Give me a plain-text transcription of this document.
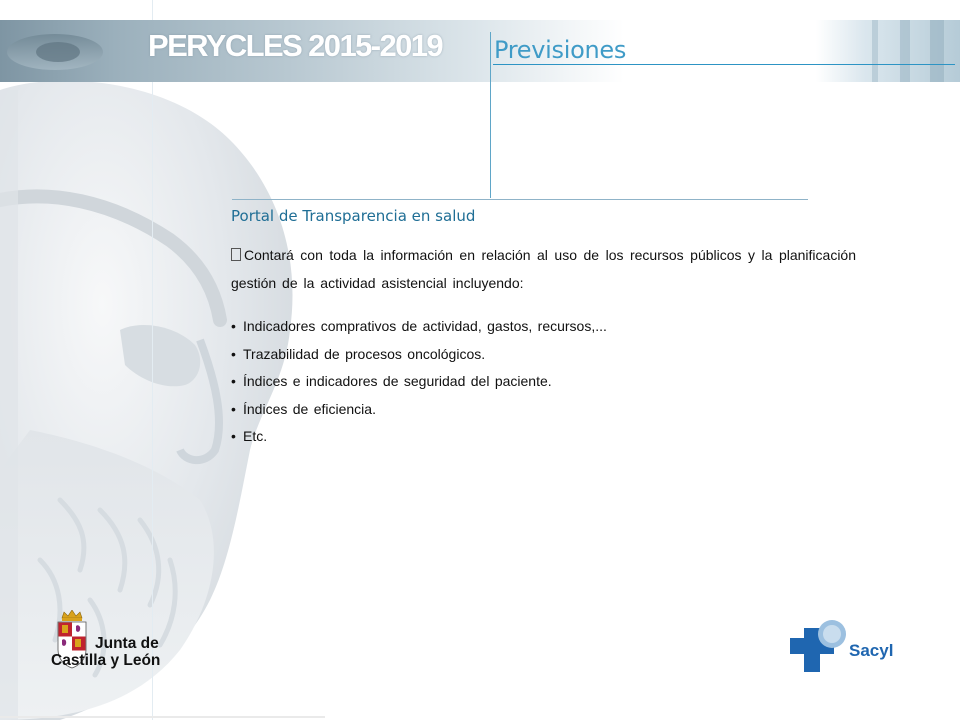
PERYCLES 2015-2019 Previsiones

Portal de Transparencia en salud

Contará con toda la información en relación al uso de los recursos públicos y la planificación gestión de la actividad asistencial incluyendo:
• Indicadores comprativos de actividad, gastos, recursos,...
• Trazabilidad de procesos oncológicos.
• Índices e indicadores de seguridad del paciente.
• Índices de eficiencia.
• Etc.
Junta de
Castilla y León
Sacyl
